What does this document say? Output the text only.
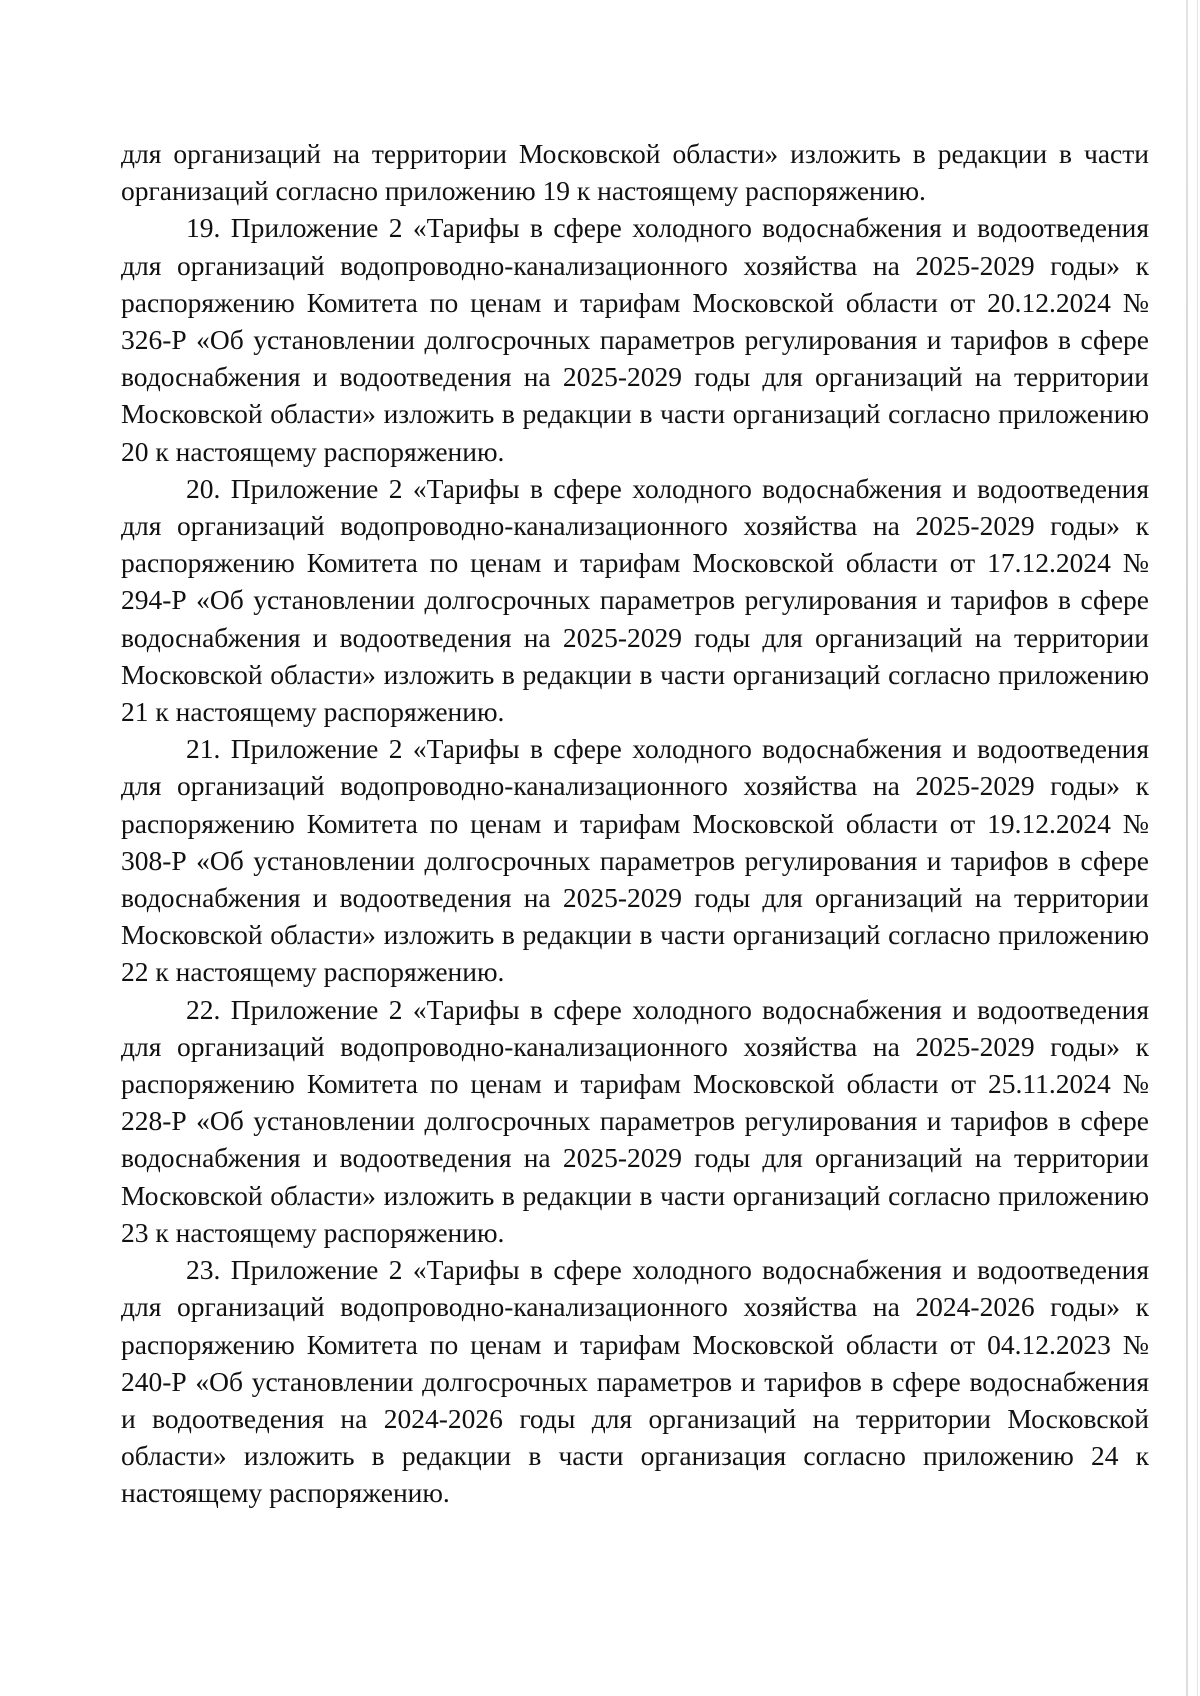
для организаций на территории Московской области» изложить в редакции в части организаций согласно приложению 19 к настоящему распоряжению.

19. Приложение 2 «Тарифы в сфере холодного водоснабжения и водоотведения для организаций водопроводно-канализационного хозяйства на 2025-2029 годы» к распоряжению Комитета по ценам и тарифам Московской области от 20.12.2024 № 326-Р «Об установлении долгосрочных параметров регулирования и тарифов в сфере водоснабжения и водоотведения на 2025-2029 годы для организаций на территории Московской области» изложить в редакции в части организаций согласно приложению 20 к настоящему распоряжению.

20. Приложение 2 «Тарифы в сфере холодного водоснабжения и водоотведения для организаций водопроводно-канализационного хозяйства на 2025-2029 годы» к распоряжению Комитета по ценам и тарифам Московской области от 17.12.2024 № 294-Р «Об установлении долгосрочных параметров регулирования и тарифов в сфере водоснабжения и водоотведения на 2025-2029 годы для организаций на территории Московской области» изложить в редакции в части организаций согласно приложению 21 к настоящему распоряжению.

21. Приложение 2 «Тарифы в сфере холодного водоснабжения и водоотведения для организаций водопроводно-канализационного хозяйства на 2025-2029 годы» к распоряжению Комитета по ценам и тарифам Московской области от 19.12.2024 № 308-Р «Об установлении долгосрочных параметров регулирования и тарифов в сфере водоснабжения и водоотведения на 2025-2029 годы для организаций на территории Московской области» изложить в редакции в части организаций согласно приложению 22 к настоящему распоряжению.

22. Приложение 2 «Тарифы в сфере холодного водоснабжения и водоотведения для организаций водопроводно-канализационного хозяйства на 2025-2029 годы» к распоряжению Комитета по ценам и тарифам Московской области от 25.11.2024 № 228-Р «Об установлении долгосрочных параметров регулирования и тарифов в сфере водоснабжения и водоотведения на 2025-2029 годы для организаций на территории Московской области» изложить в редакции в части организаций согласно приложению 23 к настоящему распоряжению.

23. Приложение 2 «Тарифы в сфере холодного водоснабжения и водоотведения для организаций водопроводно-канализационного хозяйства на 2024-2026 годы» к распоряжению Комитета по ценам и тарифам Московской области от 04.12.2023 № 240-Р «Об установлении долгосрочных параметров и тарифов в сфере водоснабжения и водоотведения на 2024-2026 годы для организаций на территории Московской области» изложить в редакции в части организация согласно приложению 24 к настоящему распоряжению.
